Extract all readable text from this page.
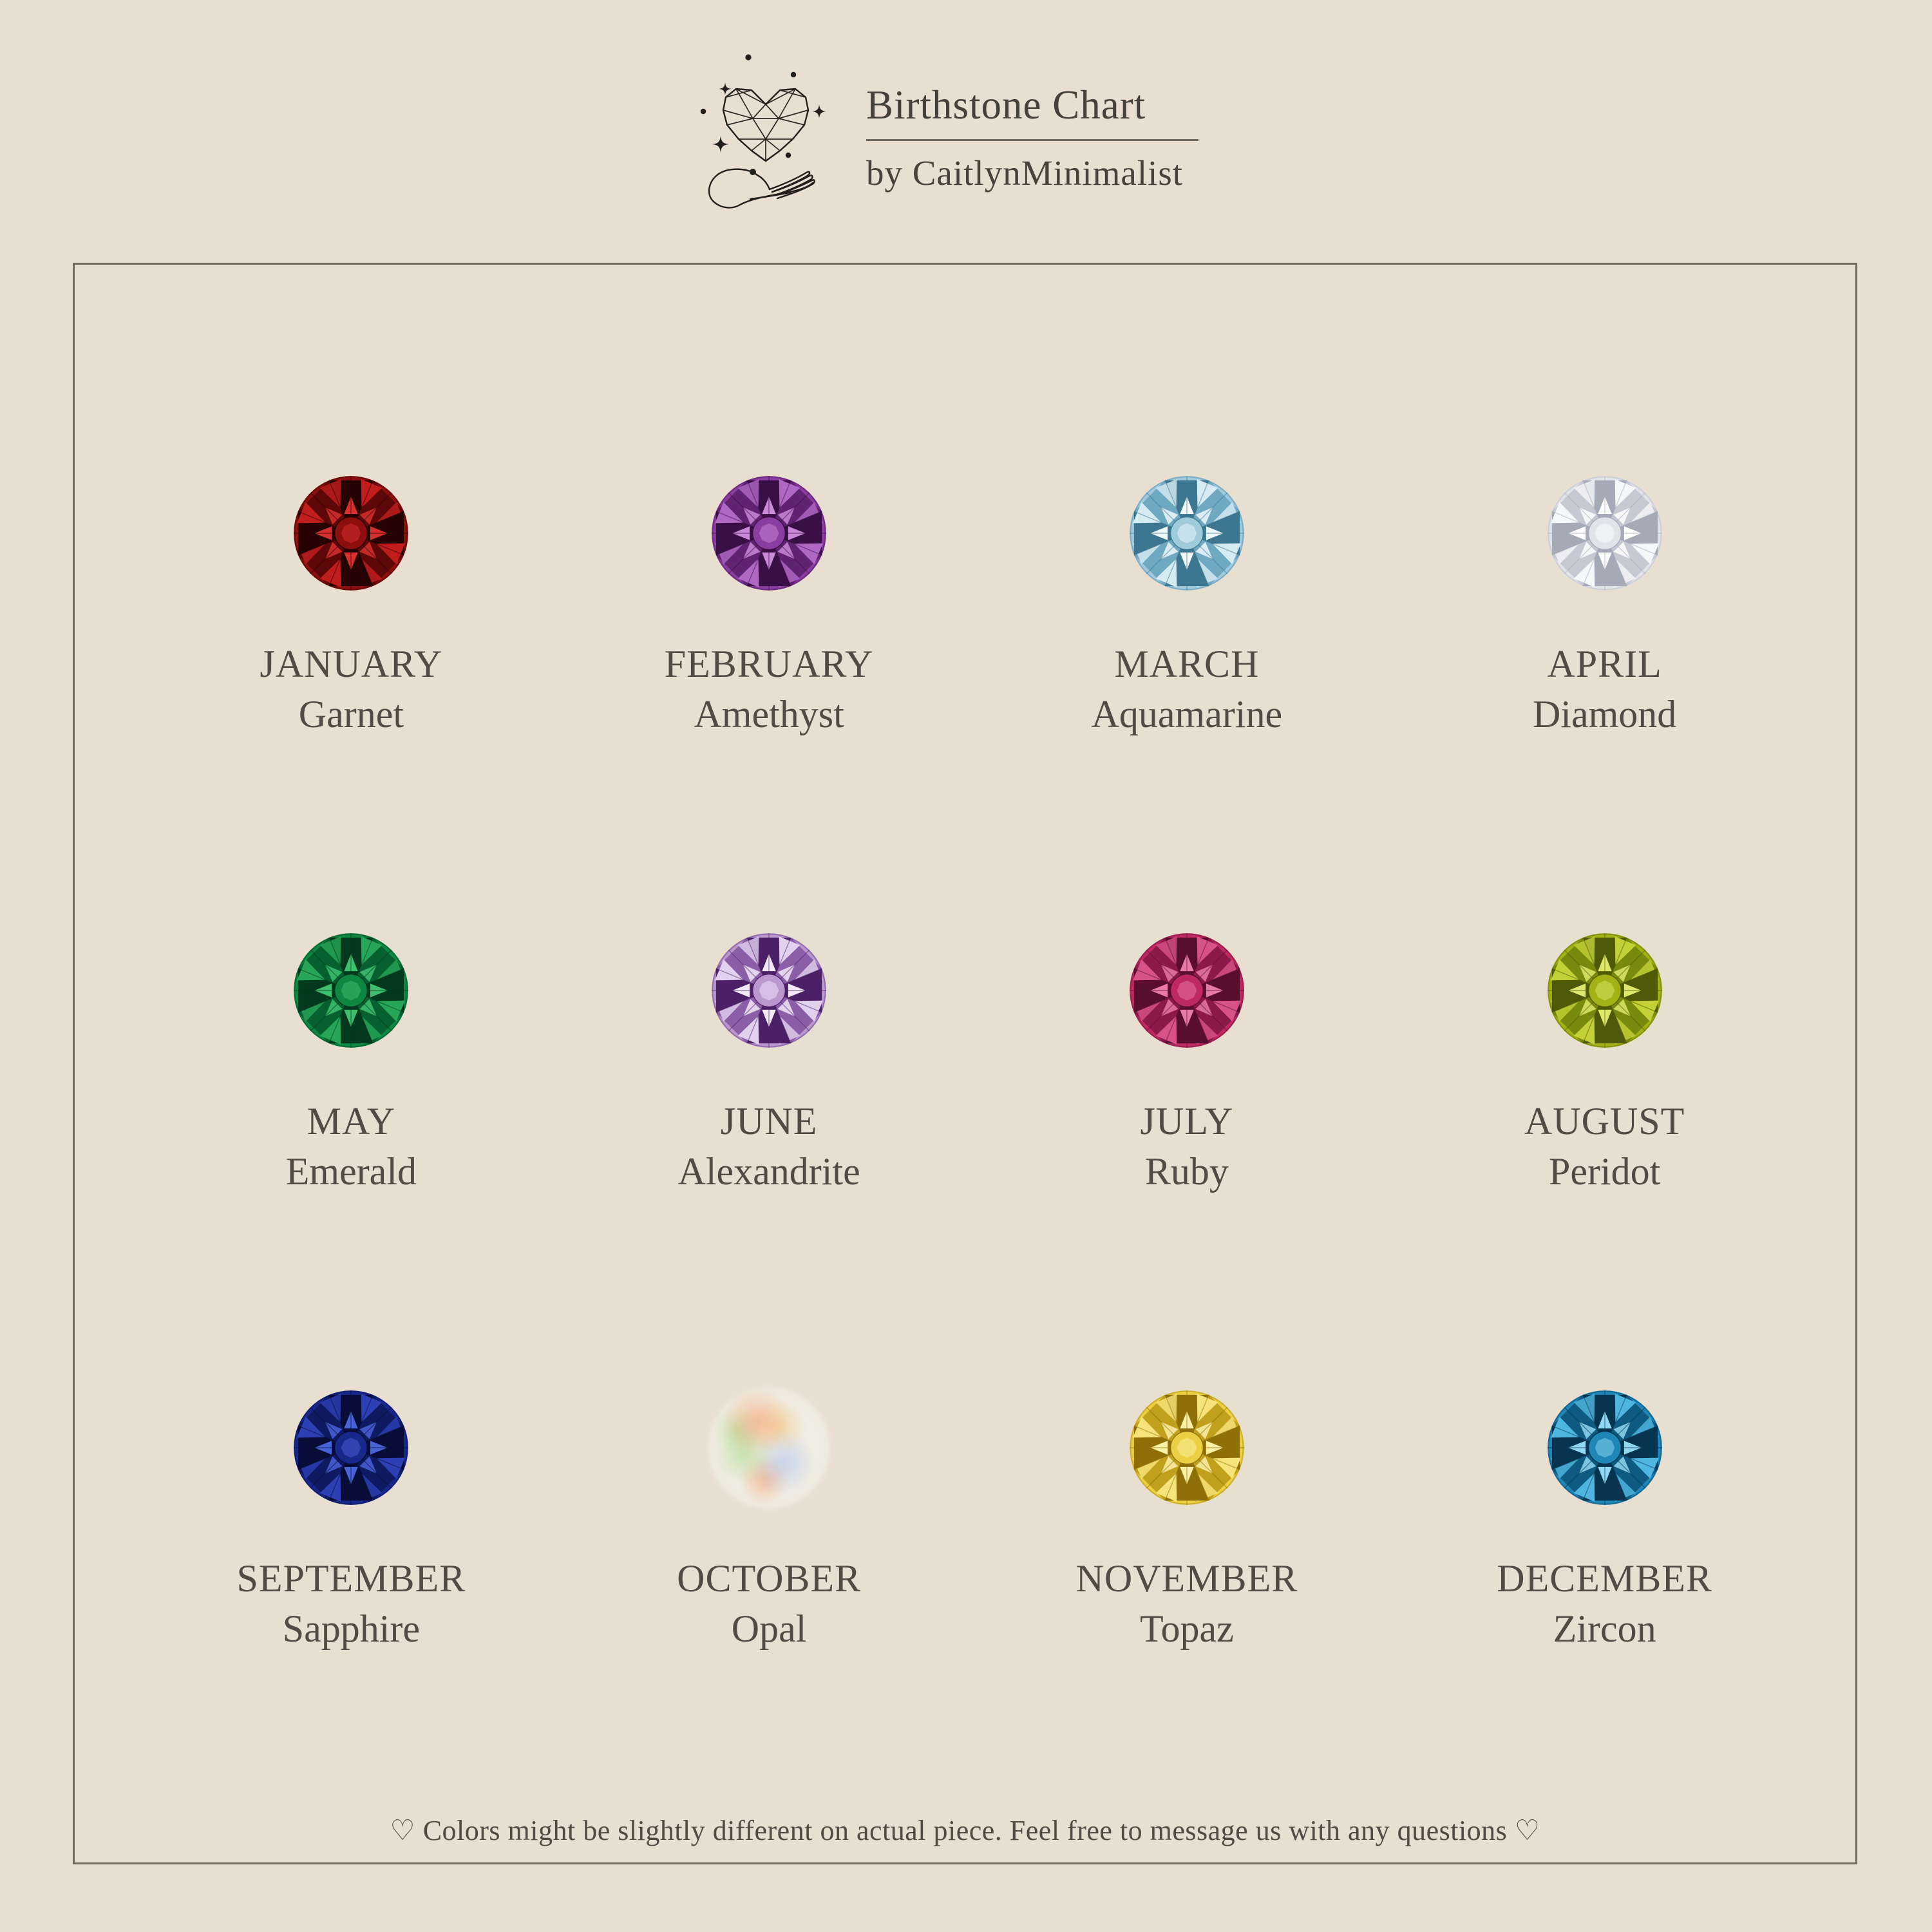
Birthstone Chart
by CaitlynMinimalist
JANUARY
Garnet
FEBRUARY
Amethyst
MARCH
Aquamarine
APRIL
Diamond
MAY
Emerald
JUNE
Alexandrite
JULY
Ruby
AUGUST
Peridot
SEPTEMBER
Sapphire
OCTOBER
Opal
NOVEMBER
Topaz
DECEMBER
Zircon
♡ Colors might be slightly different on actual piece. Feel free to message us with any questions ♡
